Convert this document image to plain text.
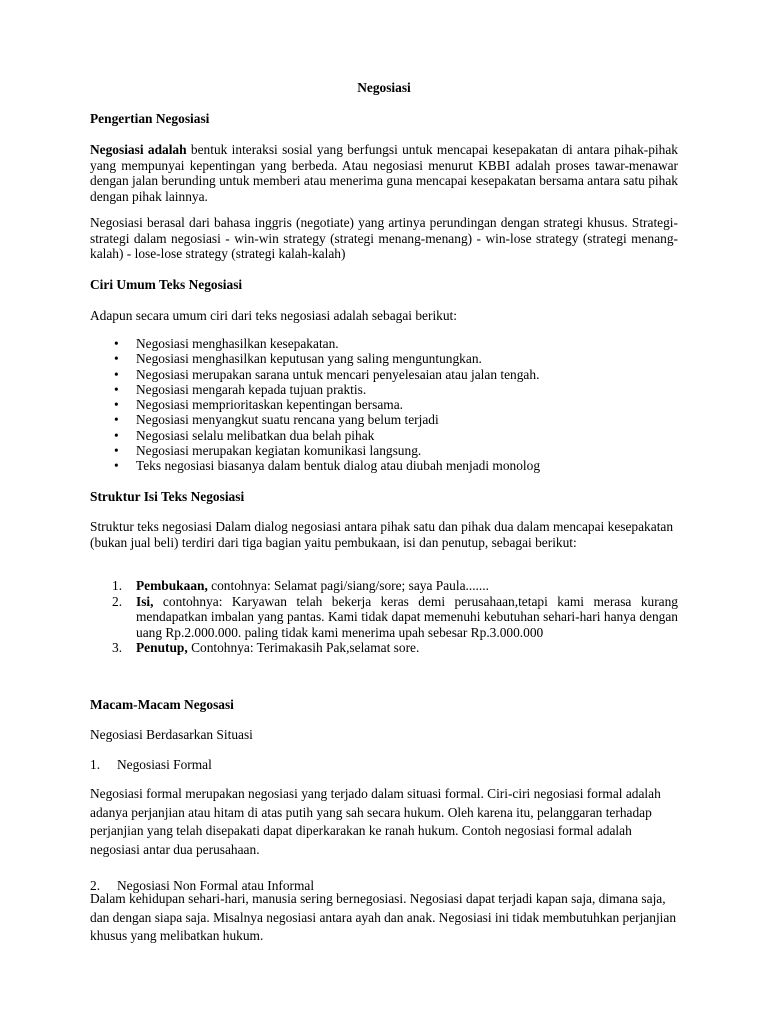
Negosiasi
Pengertian Negosiasi

Negosiasi adalah bentuk interaksi sosial yang berfungsi untuk mencapai kesepakatan di antara pihak-pihak yang mempunyai kepentingan yang berbeda. Atau negosiasi menurut KBBI adalah proses tawar-menawar dengan jalan berunding untuk memberi atau menerima guna mencapai kesepakatan bersama antara satu pihak dengan pihak lainnya.

Negosiasi berasal dari bahasa inggris (negotiate) yang artinya perundingan dengan strategi khusus. Strategi-strategi dalam negosiasi - win-win strategy (strategi menang-menang) - win-lose strategy (strategi menang-kalah) - lose-lose strategy (strategi kalah-kalah)

Ciri Umum Teks Negosiasi

Adapun secara umum ciri dari teks negosiasi adalah sebagai berikut:

• Negosiasi menghasilkan kesepakatan.
• Negosiasi menghasilkan keputusan yang saling menguntungkan.
• Negosiasi merupakan sarana untuk mencari penyelesaian atau jalan tengah.
• Negosiasi mengarah kepada tujuan praktis.
• Negosiasi memprioritaskan kepentingan bersama.
• Negosiasi menyangkut suatu rencana yang belum terjadi
• Negosiasi selalu melibatkan dua belah pihak
• Negosiasi merupakan kegiatan komunikasi langsung.
• Teks negosiasi biasanya dalam bentuk dialog atau diubah menjadi monolog
Struktur Isi Teks Negosiasi

Struktur teks negosiasi Dalam dialog negosiasi antara pihak satu dan pihak dua dalam mencapai kesepakatan (bukan jual beli) terdiri dari tiga bagian yaitu pembukaan, isi dan penutup, sebagai berikut:

1. Pembukaan, contohnya: Selamat pagi/siang/sore; saya Paula.......
2. Isi, contohnya: Karyawan telah bekerja keras demi perusahaan,tetapi kami merasa kurang mendapatkan imbalan yang pantas. Kami tidak dapat memenuhi kebutuhan sehari-hari hanya dengan uang Rp.2.000.000. paling tidak kami menerima upah sebesar Rp.3.000.000
3. Penutup, Contohnya: Terimakasih Pak,selamat sore.
Macam-Macam Negosasi

Negosiasi Berdasarkan Situasi

1. Negosiasi Formal

Negosiasi formal merupakan negosiasi yang terjado dalam situasi formal. Ciri-ciri negosiasi formal adalah adanya perjanjian atau hitam di atas putih yang sah secara hukum. Oleh karena itu, pelanggaran terhadap perjanjian yang telah disepakati dapat diperkarakan ke ranah hukum. Contoh negosiasi formal adalah negosiasi antar dua perusahaan.

2. Negosiasi Non Formal atau Informal

Dalam kehidupan sehari-hari, manusia sering bernegosiasi. Negosiasi dapat terjadi kapan saja, dimana saja, dan dengan siapa saja. Misalnya negosiasi antara ayah dan anak. Negosiasi ini tidak membutuhkan perjanjian khusus yang melibatkan hukum.
